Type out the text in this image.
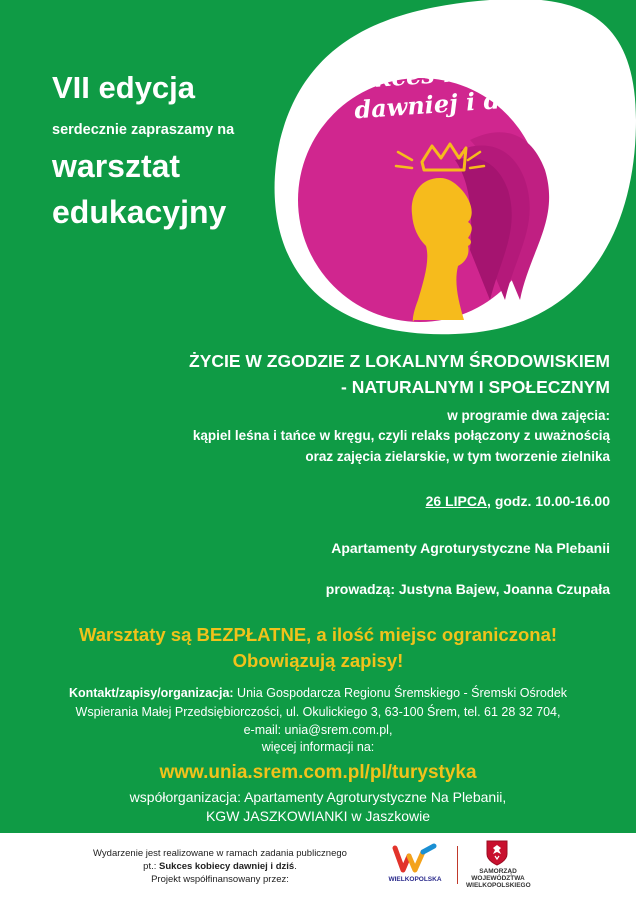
sukces kobiecy
dawniej i dziś
VII edycja
serdecznie zapraszamy na
warsztat
edukacyjny
ŻYCIE W ZGODZIE Z LOKALNYM ŚRODOWISKIEM
- NATURALNYM I SPOŁECZNYM
w programie dwa zajęcia:
kąpiel leśna i tańce w kręgu, czyli relaks połączony z uważnością
oraz zajęcia zielarskie, w tym tworzenie zielnika
26 LIPCA, godz. 10.00-16.00
Apartamenty Agroturystyczne Na Plebanii
prowadzą: Justyna Bajew, Joanna Czupała
Warsztaty są BEZPŁATNE, a ilość miejsc ograniczona!
Obowiązują zapisy!
Kontakt/zapisy/organizacja: Unia Gospodarcza Regionu Śremskiego - Śremski Ośrodek
Wspierania Małej Przedsiębiorczości, ul. Okulickiego 3, 63-100 Śrem, tel. 61 28 32 704,
e-mail: unia@srem.com.pl,
więcej informacji na:
www.unia.srem.com.pl/pl/turystyka
współorganizacja: Apartamenty Agroturystyczne Na Plebanii,
KGW JASZKOWIANKI w Jaszkowie
Wydarzenie jest realizowane w ramach zadania publicznego
pt.: Sukces kobiecy dawniej i dziś.
Projekt współfinansowany przez:	WIELKOPOLSKA
SAMORZĄD
WOJEWÓDZTWA
WIELKOPOLSKIEGO
